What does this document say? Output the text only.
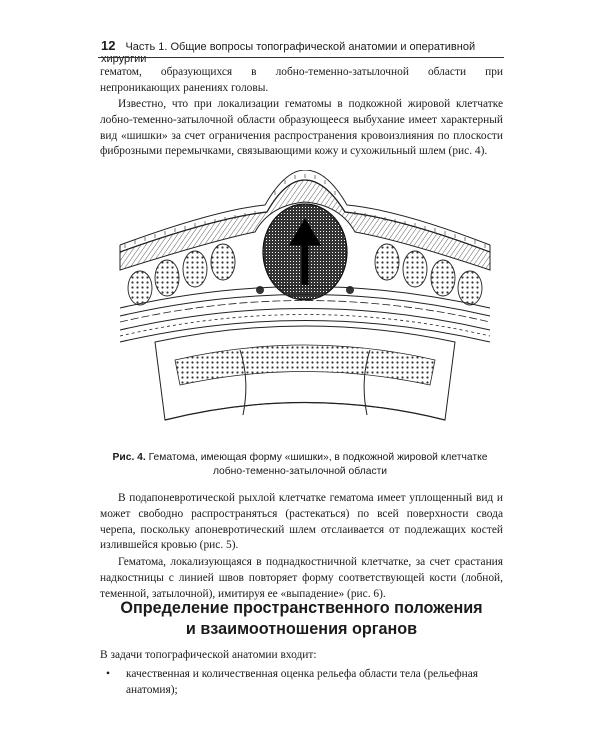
12 Часть 1. Общие вопросы топографической анатомии и оперативной хирургии

гематом, образующихся в лобно-теменно-затылочной области при непроникающих ранениях головы.

Известно, что при локализации гематомы в подкожной жировой клетчатке лобно-теменно-затылочной области образующееся выбухание имеет характерный вид «шишки» за счет ограничения распространения кровоизлияния по плоскости фиброзными перемычками, связывающими кожу и сухожильный шлем (рис. 4).

Рис. 4. Гематома, имеющая форму «шишки», в подкожной жировой клетчатке лобно-теменно-затылочной области

В подапоневротической рыхлой клетчатке гематома имеет уплощенный вид и может свободно распространяться (растекаться) по всей поверхности свода черепа, поскольку апоневротический шлем отслаивается от подлежащих костей излившейся кровью (рис. 5).

Гематома, локализующаяся в поднадкостничной клетчатке, за счет срастания надкостницы с линией швов повторяет форму соответствующей кости (лобной, теменной, затылочной), имитируя ее «выпадение» (рис. 6).

Определение пространственного положения
и взаимоотношения органов

В задачи топографической анатомии входит:

•	качественная и количественная оценка рельефа области тела (рельефная анатомия);
